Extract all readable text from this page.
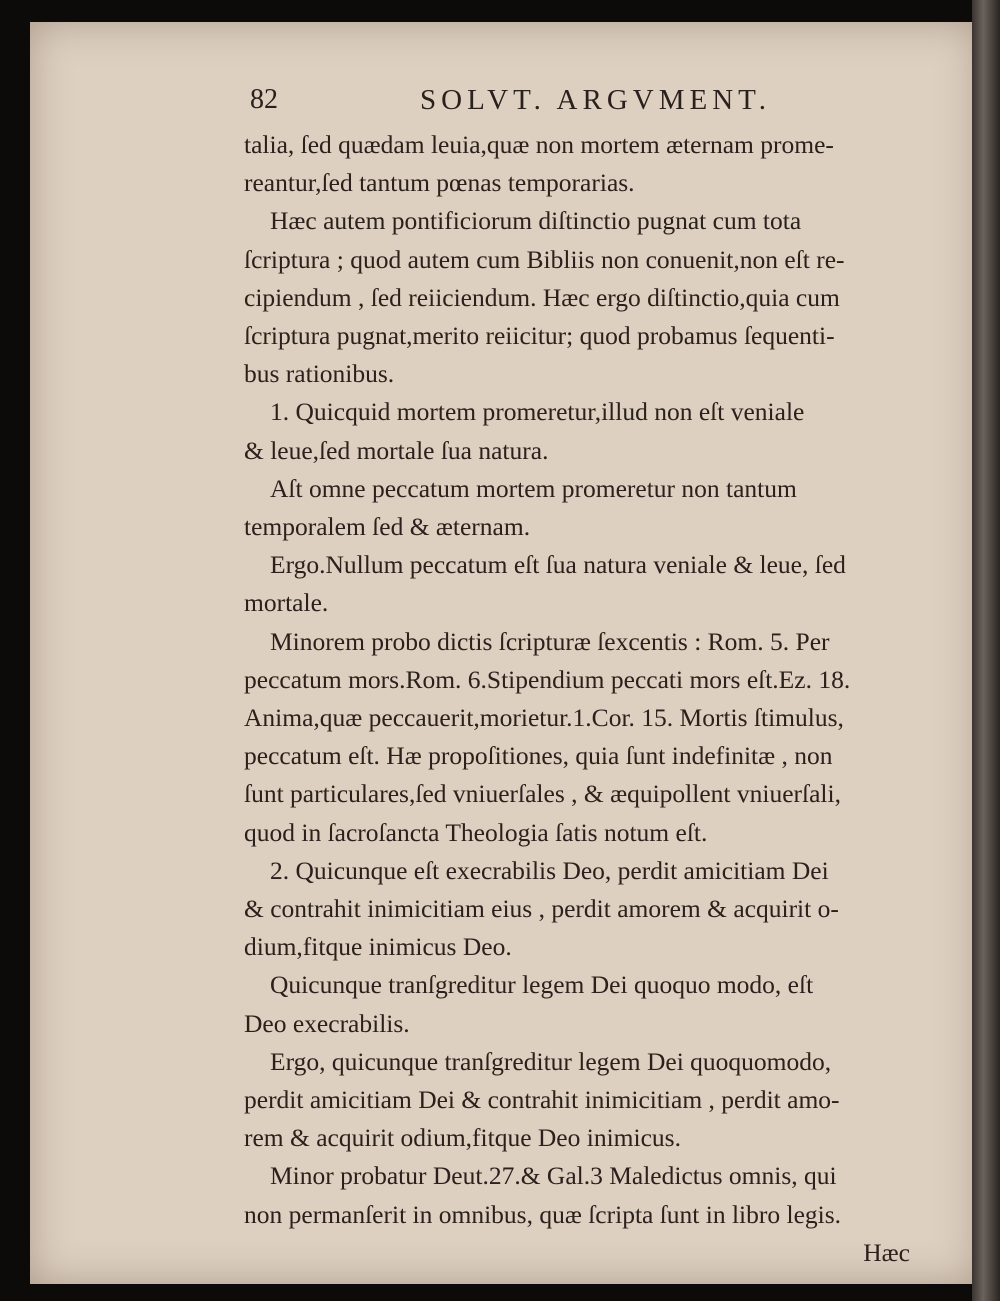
82	SOLVT. ARGVMENT.
talia, ſed quædam leuia,quæ non mortem æternam prome-
reantur,ſed tantum pœnas temporarias.
Hæc autem pontificiorum diſtinctio pugnat cum tota
ſcriptura ; quod autem cum Bibliis non conuenit,non eſt re-
cipiendum , ſed reiiciendum. Hæc ergo diſtinctio,quia cum
ſcriptura pugnat,merito reiicitur; quod probamus ſequenti-
bus rationibus.
1. Quicquid mortem promeretur,illud non eſt veniale
& leue,ſed mortale ſua natura.
Aſt omne peccatum mortem promeretur non tantum
temporalem ſed & æternam.
Ergo.Nullum peccatum eſt ſua natura veniale & leue, ſed
mortale.
Minorem probo dictis ſcripturæ ſexcentis : Rom. 5. Per
peccatum mors.Rom. 6.Stipendium peccati mors eſt.Ez. 18.
Anima,quæ peccauerit,morietur.1.Cor. 15. Mortis ſtimulus,
peccatum eſt. Hæ propoſitiones, quia ſunt indefinitæ , non
ſunt particulares,ſed vniuerſales , & æquipollent vniuerſali,
quod in ſacroſancta Theologia ſatis notum eſt.
2. Quicunque eſt execrabilis Deo, perdit amicitiam Dei
& contrahit inimicitiam eius , perdit amorem & acquirit o-
dium,fitque inimicus Deo.
Quicunque tranſgreditur legem Dei quoquo modo, eſt
Deo execrabilis.
Ergo, quicunque tranſgreditur legem Dei quoquomodo,
perdit amicitiam Dei & contrahit inimicitiam , perdit amo-
rem & acquirit odium,fitque Deo inimicus.
Minor probatur Deut.27.& Gal.3 Maledictus omnis, qui
non permanſerit in omnibus, quæ ſcripta ſunt in libro legis.
Hæc
